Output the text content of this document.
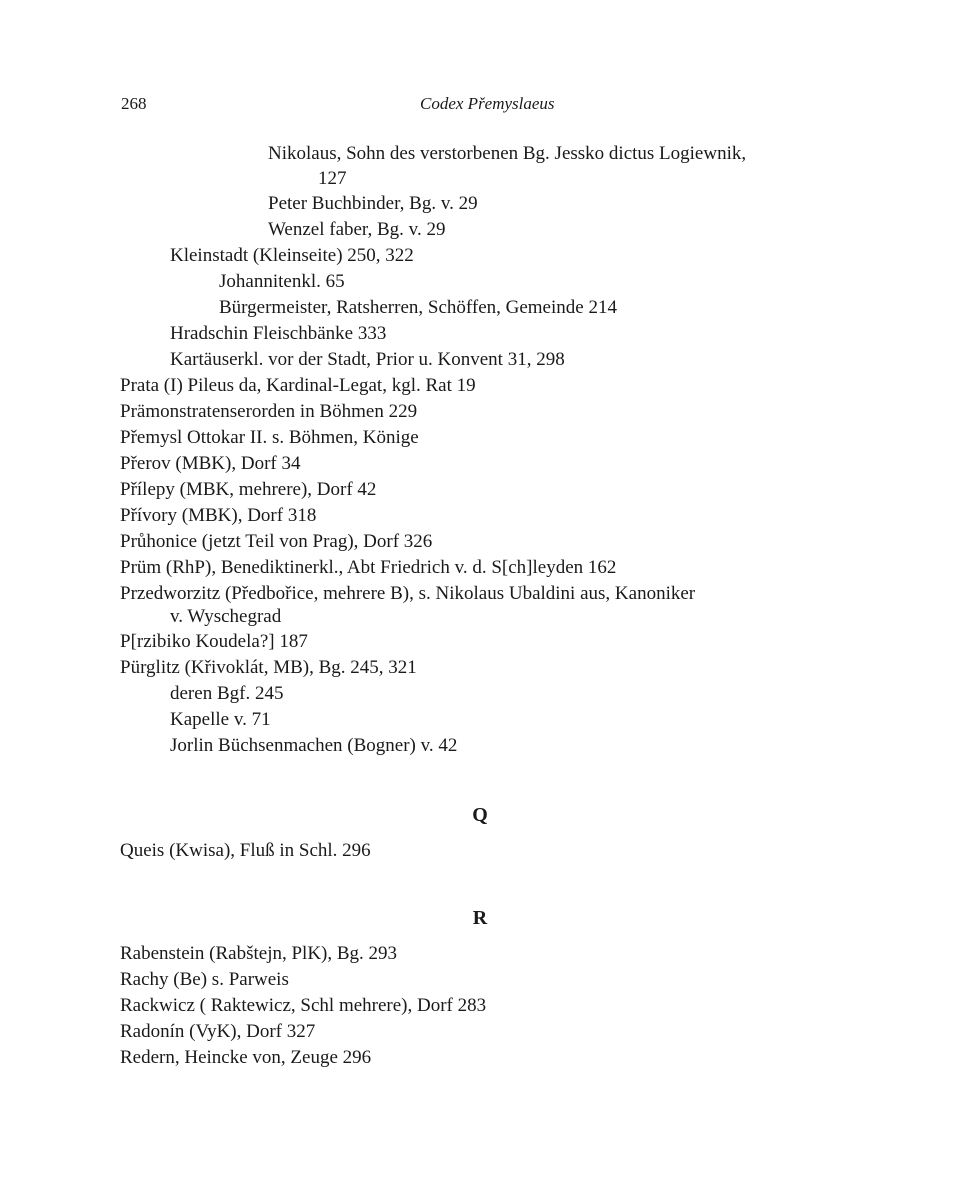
268	Codex Přemyslaeus
Nikolaus, Sohn des verstorbenen Bg. Jessko dictus Logiewnik,
127
Peter Buchbinder, Bg. v. 29
Wenzel faber, Bg. v. 29
Kleinstadt (Kleinseite) 250, 322
Johannitenkl. 65
Bürgermeister, Ratsherren, Schöffen, Gemeinde 214
Hradschin Fleischbänke 333
Kartäuserkl. vor der Stadt, Prior u. Konvent 31, 298
Prata (I) Pileus da, Kardinal-Legat, kgl. Rat 19
Prämonstratenserorden in Böhmen 229
Přemysl Ottokar II. s. Böhmen, Könige
Přerov (MBK), Dorf 34
Přílepy (MBK, mehrere), Dorf 42
Přívory (MBK), Dorf 318
Průhonice (jetzt Teil von Prag), Dorf 326
Prüm (RhP), Benediktinerkl., Abt Friedrich v. d. S[ch]leyden 162
Przedworzitz (Předbořice, mehrere B), s. Nikolaus Ubaldini aus, Kanoniker
v. Wyschegrad
P[rzibiko Koudela?] 187
Pürglitz (Křivoklát, MB), Bg. 245, 321
deren Bgf. 245
Kapelle v. 71
Jorlin Büchsenmachen (Bogner) v. 42
Q
Queis (Kwisa), Fluß in Schl. 296
R
Rabenstein (Rabštejn, PlK), Bg. 293
Rachy (Be) s. Parweis
Rackwicz ( Raktewicz, Schl mehrere), Dorf 283
Radonín (VyK), Dorf 327
Redern, Heincke von, Zeuge 296
